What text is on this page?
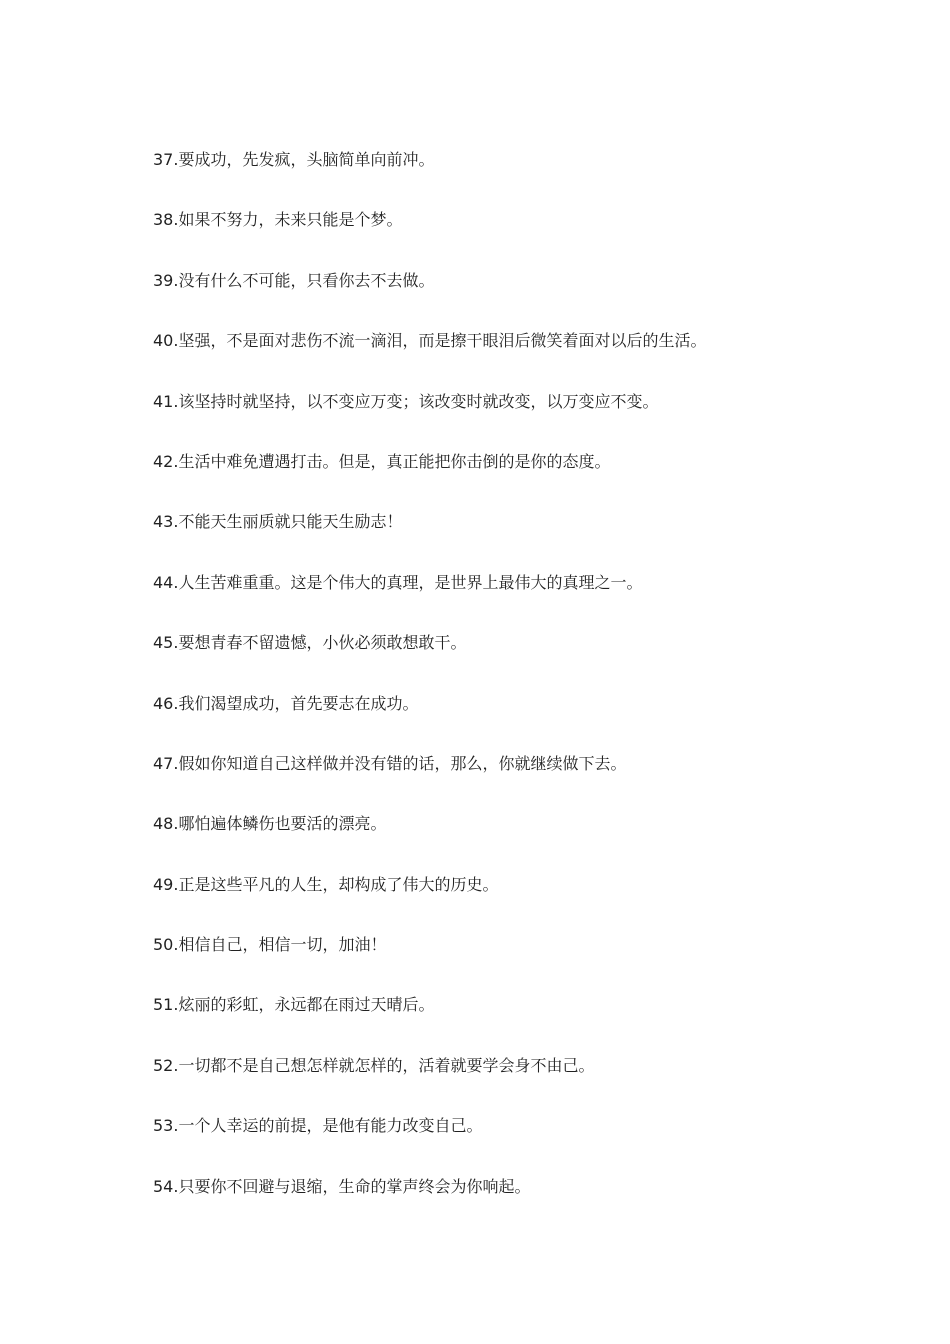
37.要成功，先发疯，头脑简单向前冲。
38.如果不努力，未来只能是个梦。
39.没有什么不可能，只看你去不去做。
40.坚强，不是面对悲伤不流一滴泪，而是擦干眼泪后微笑着面对以后的生活。
41.该坚持时就坚持，以不变应万变；该改变时就改变，以万变应不变。
42.生活中难免遭遇打击。但是，真正能把你击倒的是你的态度。
43.不能天生丽质就只能天生励志！
44.人生苦难重重。这是个伟大的真理，是世界上最伟大的真理之一。
45.要想青春不留遗憾，小伙必须敢想敢干。
46.我们渴望成功，首先要志在成功。
47.假如你知道自己这样做并没有错的话，那么，你就继续做下去。
48.哪怕遍体鳞伤也要活的漂亮。
49.正是这些平凡的人生，却构成了伟大的历史。
50.相信自己，相信一切，加油！
51.炫丽的彩虹，永远都在雨过天晴后。
52.一切都不是自己想怎样就怎样的，活着就要学会身不由己。
53.一个人幸运的前提，是他有能力改变自己。
54.只要你不回避与退缩，生命的掌声终会为你响起。
